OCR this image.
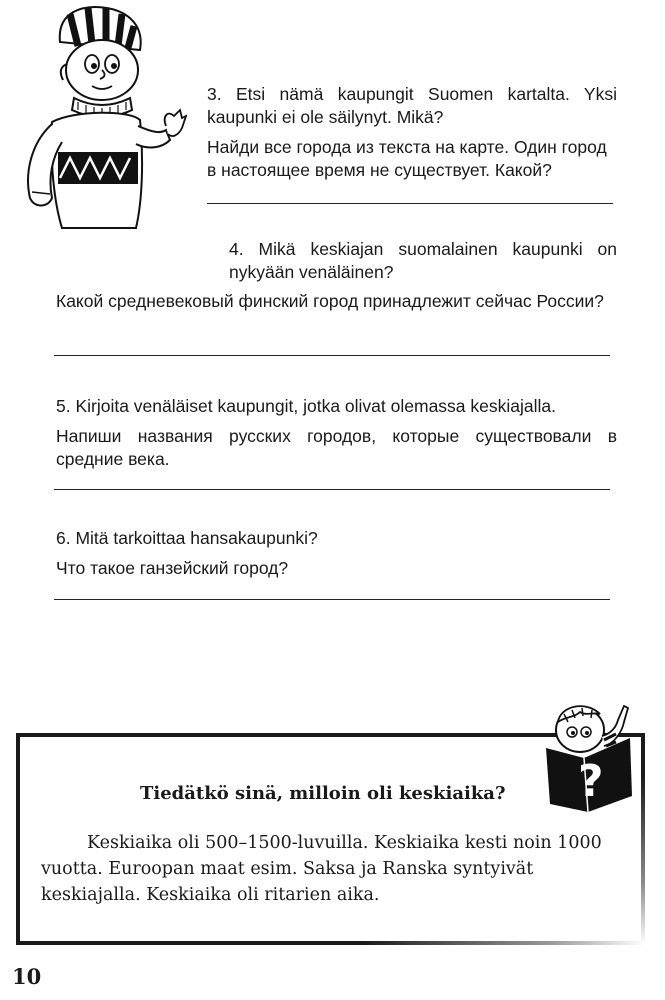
3. Etsi nämä kaupungit Suomen kartalta. Yksi kaupunki ei ole säilynyt. Mikä?

Найди все города из текста на карте. Один город в настоящее время не существует. Какой?

4. Mikä keskiajan suomalainen kaupunki on nykyään venäläinen?

Какой средневековый финский город принадлежит сейчас России?

5. Kirjoita venäläiset kaupungit, jotka olivat olemassa keskiajalla.

Напиши названия русских городов, которые существовали в средние века.

6. Mitä tarkoittaa hansakaupunki?

Что такое ганзейский город?

?
Tiedätkö sinä, milloin oli keskiaika?

Keskiaika oli 500–1500-luvuilla. Keskiaika kesti noin 1000 vuotta. Euroopan maat esim. Saksa ja Ranska syntyivät keskiajalla. Keskiaika oli ritarien aika.

10
